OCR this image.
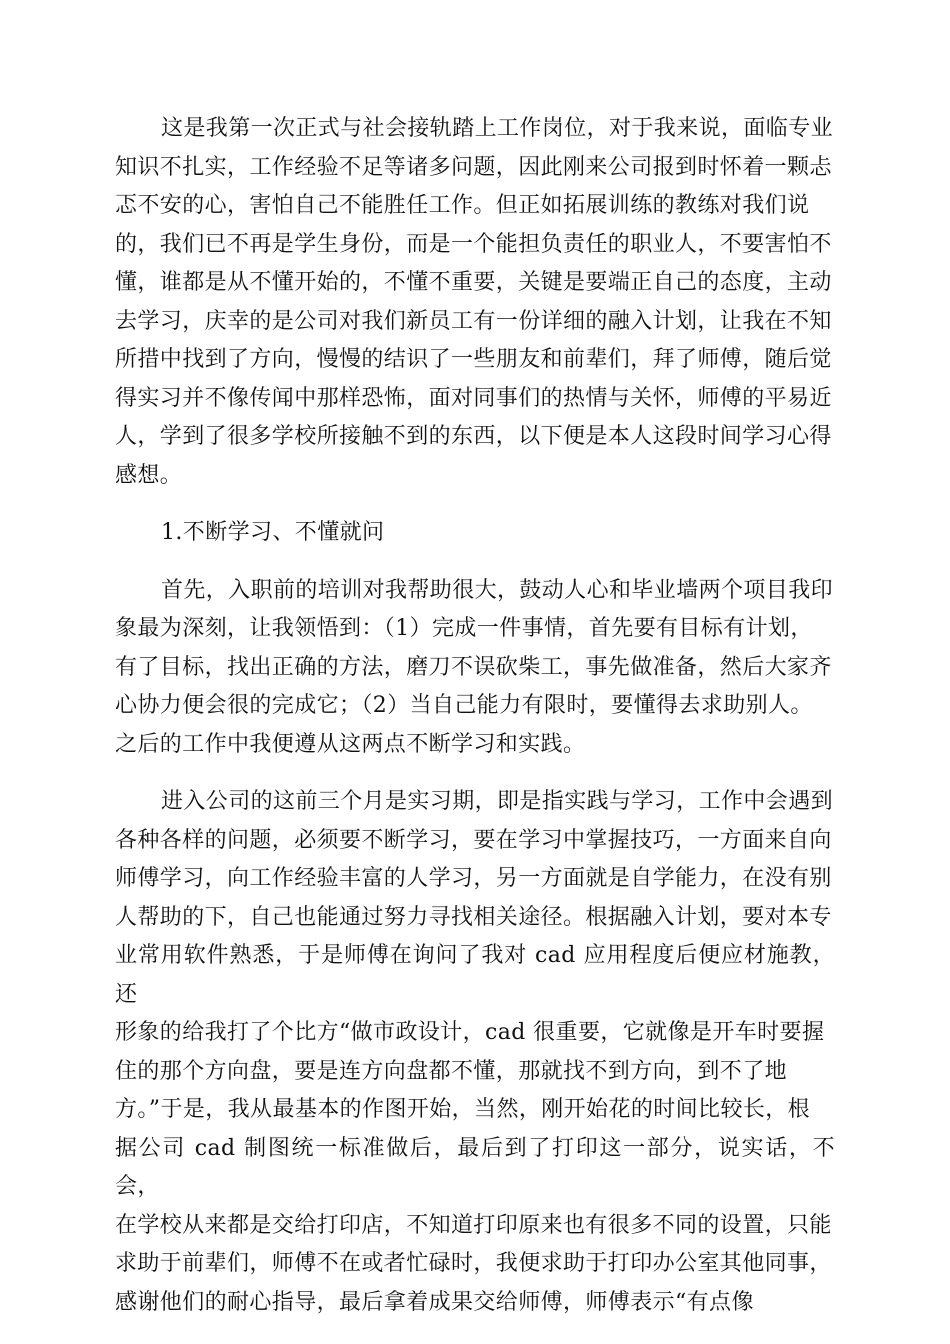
这是我第一次正式与社会接轨踏上工作岗位，对于我来说，面临专业
知识不扎实，工作经验不足等诸多问题，因此刚来公司报到时怀着一颗忐
忑不安的心，害怕自己不能胜任工作。但正如拓展训练的教练对我们说
的，我们已不再是学生身份，而是一个能担负责任的职业人，不要害怕不
懂，谁都是从不懂开始的，不懂不重要，关键是要端正自己的态度，主动
去学习，庆幸的是公司对我们新员工有一份详细的融入计划，让我在不知
所措中找到了方向，慢慢的结识了一些朋友和前辈们，拜了师傅，随后觉
得实习并不像传闻中那样恐怖，面对同事们的热情与关怀，师傅的平易近
人，学到了很多学校所接触不到的东西，以下便是本人这段时间学习心得
感想。
1.不断学习、不懂就问
首先，入职前的培训对我帮助很大，鼓动人心和毕业墙两个项目我印
象最为深刻，让我领悟到：（1）完成一件事情，首先要有目标有计划，
有了目标，找出正确的方法，磨刀不误砍柴工，事先做准备，然后大家齐
心协力便会很的完成它；（2）当自己能力有限时，要懂得去求助别人。
之后的工作中我便遵从这两点不断学习和实践。
进入公司的这前三个月是实习期，即是指实践与学习，工作中会遇到
各种各样的问题，必须要不断学习，要在学习中掌握技巧，一方面来自向
师傅学习，向工作经验丰富的人学习，另一方面就是自学能力，在没有别
人帮助的下，自己也能通过努力寻找相关途径。根据融入计划，要对本专
业常用软件熟悉，于是师傅在询问了我对 cad 应用程度后便应材施教，还
形象的给我打了个比方“做市政设计，cad 很重要，它就像是开车时要握
住的那个方向盘，要是连方向盘都不懂，那就找不到方向，到不了地
方。”于是，我从最基本的作图开始，当然，刚开始花的时间比较长，根
据公司 cad 制图统一标准做后，最后到了打印这一部分，说实话，不会，
在学校从来都是交给打印店，不知道打印原来也有很多不同的设置，只能
求助于前辈们，师傅不在或者忙碌时，我便求助于打印办公室其他同事，
感谢他们的耐心指导，最后拿着成果交给师傅，师傅表示“有点像
